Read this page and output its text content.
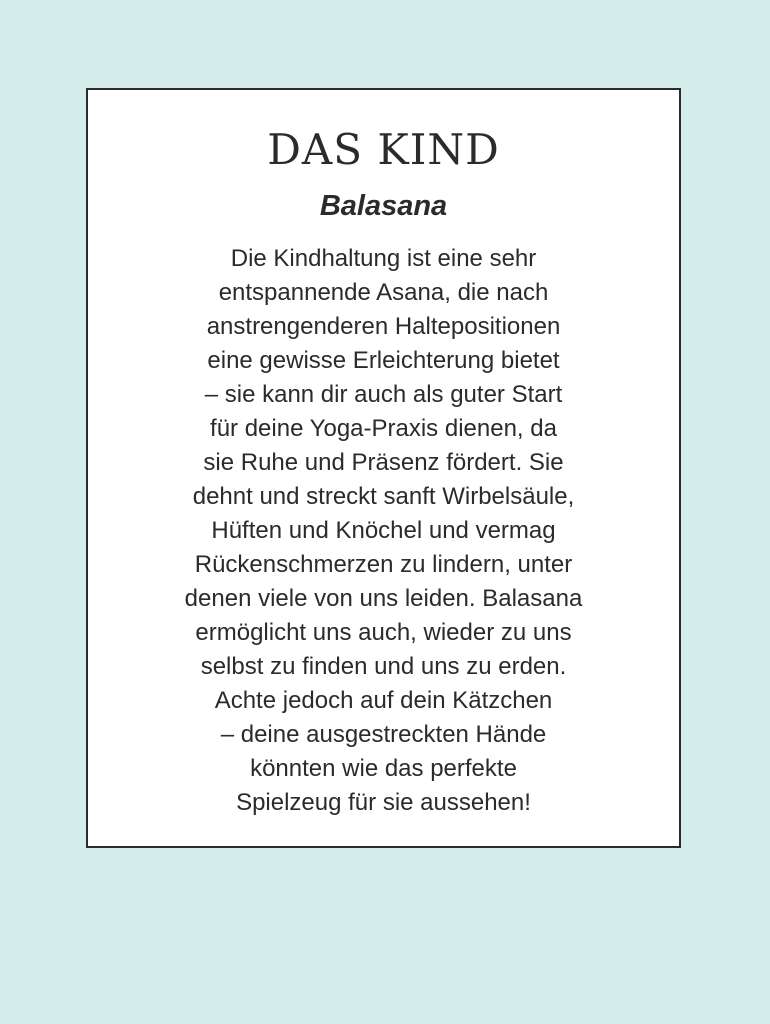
DAS KIND
Balasana
Die Kindhaltung ist eine sehr
entspannende Asana, die nach
anstrengenderen Haltepositionen
eine gewisse Erleichterung bietet
– sie kann dir auch als guter Start
für deine Yoga-Praxis dienen, da
sie Ruhe und Präsenz fördert. Sie
dehnt und streckt sanft Wirbelsäule,
Hüften und Knöchel und vermag
Rückenschmerzen zu lindern, unter
denen viele von uns leiden. Balasana
ermöglicht uns auch, wieder zu uns
selbst zu finden und uns zu erden.
Achte jedoch auf dein Kätzchen
– deine ausgestreckten Hände
könnten wie das perfekte
Spielzeug für sie aussehen!
